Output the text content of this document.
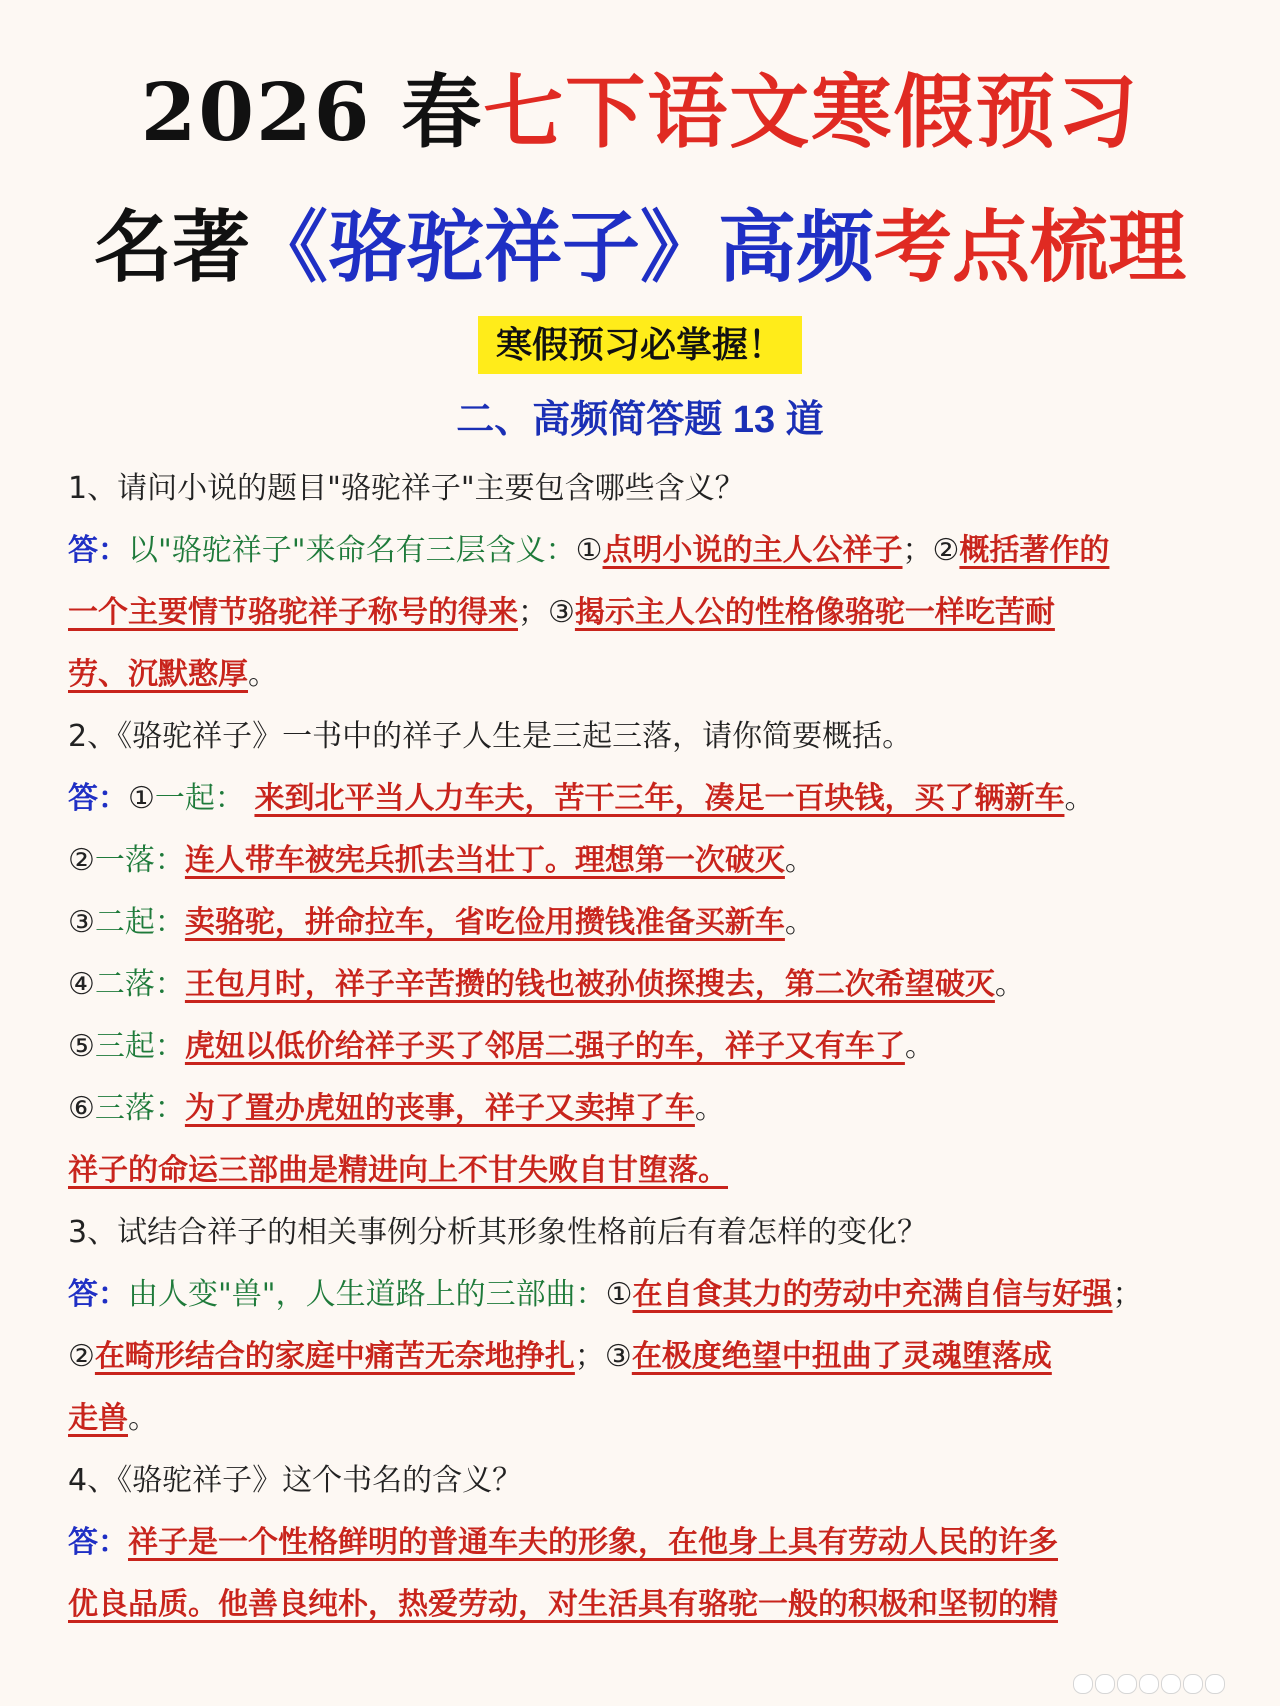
2026 春七下语文寒假预习
名著《骆驼祥子》高频考点梳理
寒假预习必掌握！
二、高频简答题 13 道
1、请问小说的题目"骆驼祥子"主要包含哪些含义？
答：以"骆驼祥子"来命名有三层含义：①点明小说的主人公祥子；②概括著作的
一个主要情节骆驼祥子称号的得来；③揭示主人公的性格像骆驼一样吃苦耐
劳、沉默憨厚。
2、《骆驼祥子》一书中的祥子人生是三起三落，请你简要概括。
答：①一起： 来到北平当人力车夫，苦干三年，凑足一百块钱，买了辆新车。
②一落：连人带车被宪兵抓去当壮丁。理想第一次破灭。
③二起：卖骆驼，拼命拉车，省吃俭用攒钱准备买新车。
④二落：王包月时，祥子辛苦攒的钱也被孙侦探搜去，第二次希望破灭。
⑤三起：虎妞以低价给祥子买了邻居二强子的车，祥子又有车了。
⑥三落：为了置办虎妞的丧事，祥子又卖掉了车。
祥子的命运三部曲是精进向上不甘失败自甘堕落。
3、试结合祥子的相关事例分析其形象性格前后有着怎样的变化？
答：由人变"兽"，人生道路上的三部曲：①在自食其力的劳动中充满自信与好强；
②在畸形结合的家庭中痛苦无奈地挣扎；③在极度绝望中扭曲了灵魂堕落成
走兽。
4、《骆驼祥子》这个书名的含义？
答：祥子是一个性格鲜明的普通车夫的形象，在他身上具有劳动人民的许多
优良品质。他善良纯朴，热爱劳动，对生活具有骆驼一般的积极和坚韧的精
